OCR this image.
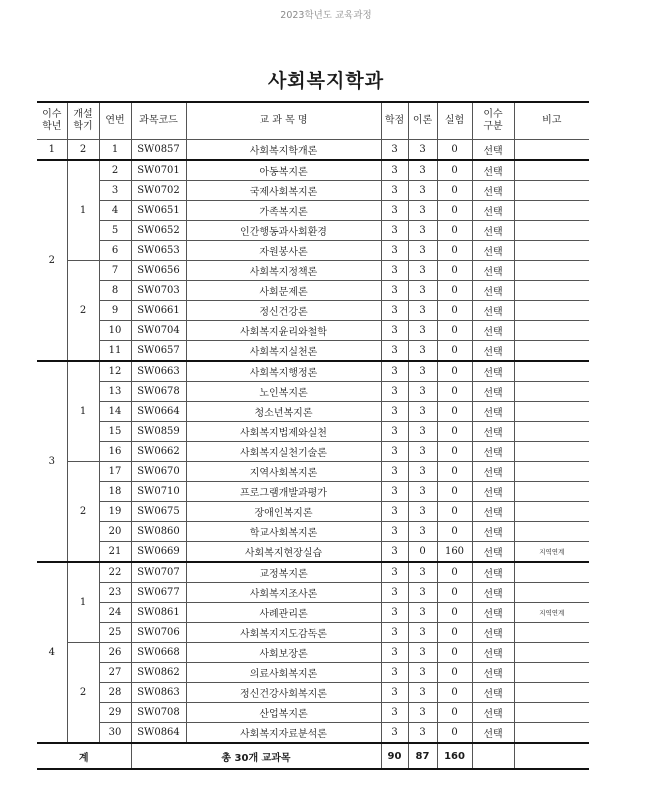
2023학년도 교육과정
사회복지학과
이수
학년	개설
학기	연번	과목코드	교 과 목 명	학점	이론	실험	이수
구분	비고
1	2	1	SW0857	사회복지학개론	3	3	0	선택	
2	1	2	SW0701	아동복지론	3	3	0	선택	
		3	SW0702	국제사회복지론	3	3	0	선택	
		4	SW0651	가족복지론	3	3	0	선택	
		5	SW0652	인간행동과사회환경	3	3	0	선택	
		6	SW0653	자원봉사론	3	3	0	선택	
	2	7	SW0656	사회복지정책론	3	3	0	선택	
		8	SW0703	사회문제론	3	3	0	선택	
		9	SW0661	정신건강론	3	3	0	선택	
		10	SW0704	사회복지윤리와철학	3	3	0	선택	
		11	SW0657	사회복지실천론	3	3	0	선택	
3	1	12	SW0663	사회복지행정론	3	3	0	선택	
		13	SW0678	노인복지론	3	3	0	선택	
		14	SW0664	청소년복지론	3	3	0	선택	
		15	SW0859	사회복지법제와실천	3	3	0	선택	
		16	SW0662	사회복지실천기술론	3	3	0	선택	
	2	17	SW0670	지역사회복지론	3	3	0	선택	
		18	SW0710	프로그램개발과평가	3	3	0	선택	
		19	SW0675	장애인복지론	3	3	0	선택	
		20	SW0860	학교사회복지론	3	3	0	선택	
		21	SW0669	사회복지현장실습	3	0	160	선택	지역연계
4	1	22	SW0707	교정복지론	3	3	0	선택	
		23	SW0677	사회복지조사론	3	3	0	선택	
		24	SW0861	사례관리론	3	3	0	선택	지역연계
		25	SW0706	사회복지지도감독론	3	3	0	선택	
	2	26	SW0668	사회보장론	3	3	0	선택	
		27	SW0862	의료사회복지론	3	3	0	선택	
		28	SW0863	정신건강사회복지론	3	3	0	선택	
		29	SW0708	산업복지론	3	3	0	선택	
		30	SW0864	사회복지자료분석론	3	3	0	선택	
계			총 30개 교과목		90	87	160		
